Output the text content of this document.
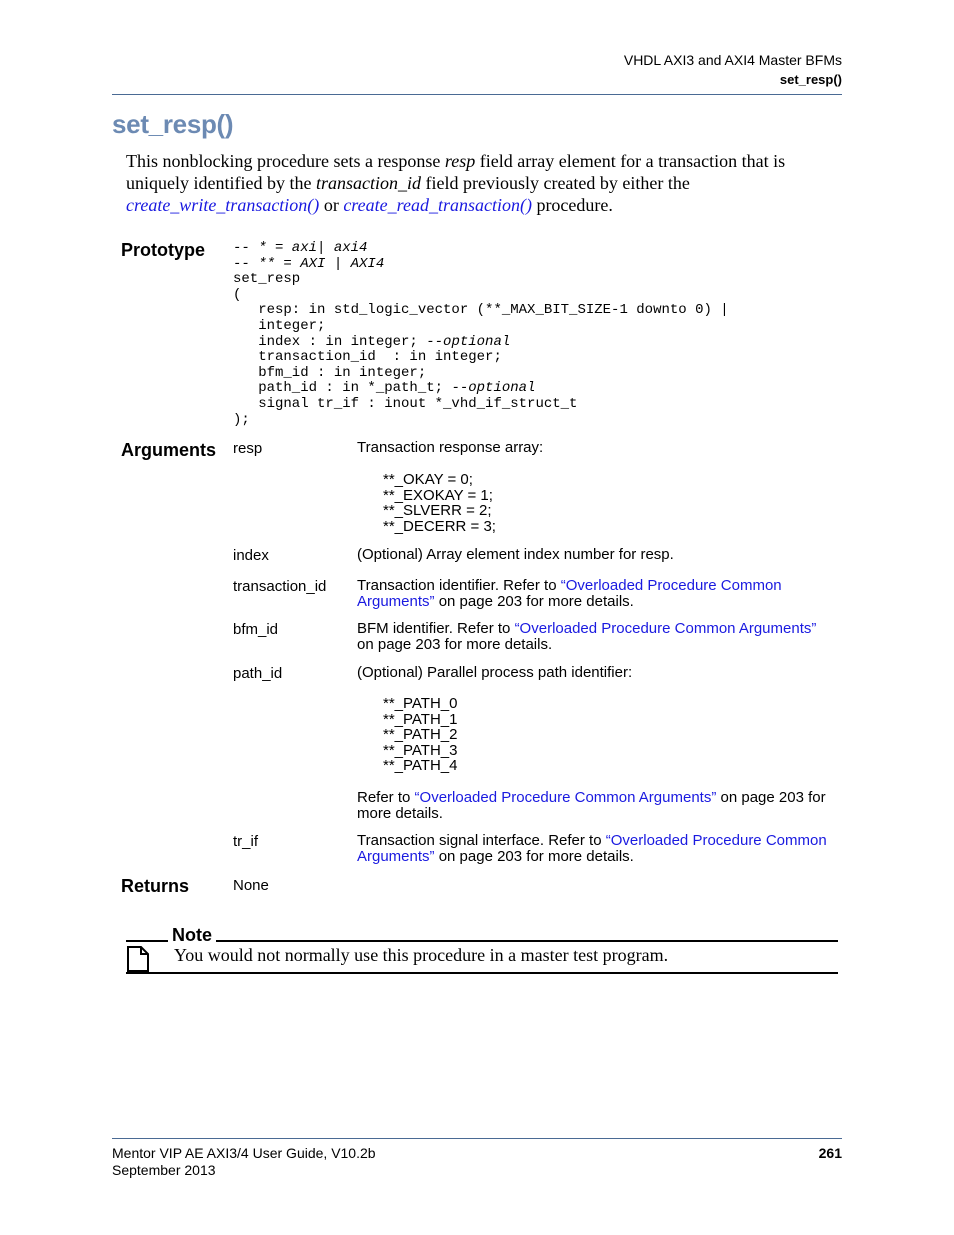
VHDL AXI3 and AXI4 Master BFMs
set_resp()
set_resp()
This nonblocking procedure sets a response resp field array element for a transaction that is uniquely identified by the transaction_id field previously created by either the
create_write_transaction() or create_read_transaction() procedure.
Prototype -- * = axi| axi4
-- ** = AXI | AXI4
set_resp
(
resp: in std_logic_vector (**_MAX_BIT_SIZE-1 downto 0) |
integer;
index : in integer; --optional
transaction_id  : in integer;
bfm_id : in integer;
path_id : in *_path_t; --optional
signal tr_if : inout *_vhd_if_struct_t
);
Arguments resp	Transaction response array:
**_OKAY = 0;
**_EXOKAY = 1;
**_SLVERR = 2;
**_DECERR = 3;
index	(Optional) Array element index number for resp.
transaction_id Transaction identifier. Refer to “Overloaded Procedure Common
Arguments” on page 203 for more details.
bfm_id	BFM identifier. Refer to “Overloaded Procedure Common Arguments”
on page 203 for more details.
path_id	(Optional) Parallel process path identifier:
**_PATH_0
**_PATH_1
**_PATH_2
**_PATH_3
**_PATH_4
Refer to “Overloaded Procedure Common Arguments” on page 203 for
more details.
tr_if	Transaction signal interface. Refer to “Overloaded Procedure Common
Arguments” on page 203 for more details.
Returns	None
Note
You would not normally use this procedure in a master test program.
Mentor VIP AE AXI3/4 User Guide, V10.2b
September 2013
261
